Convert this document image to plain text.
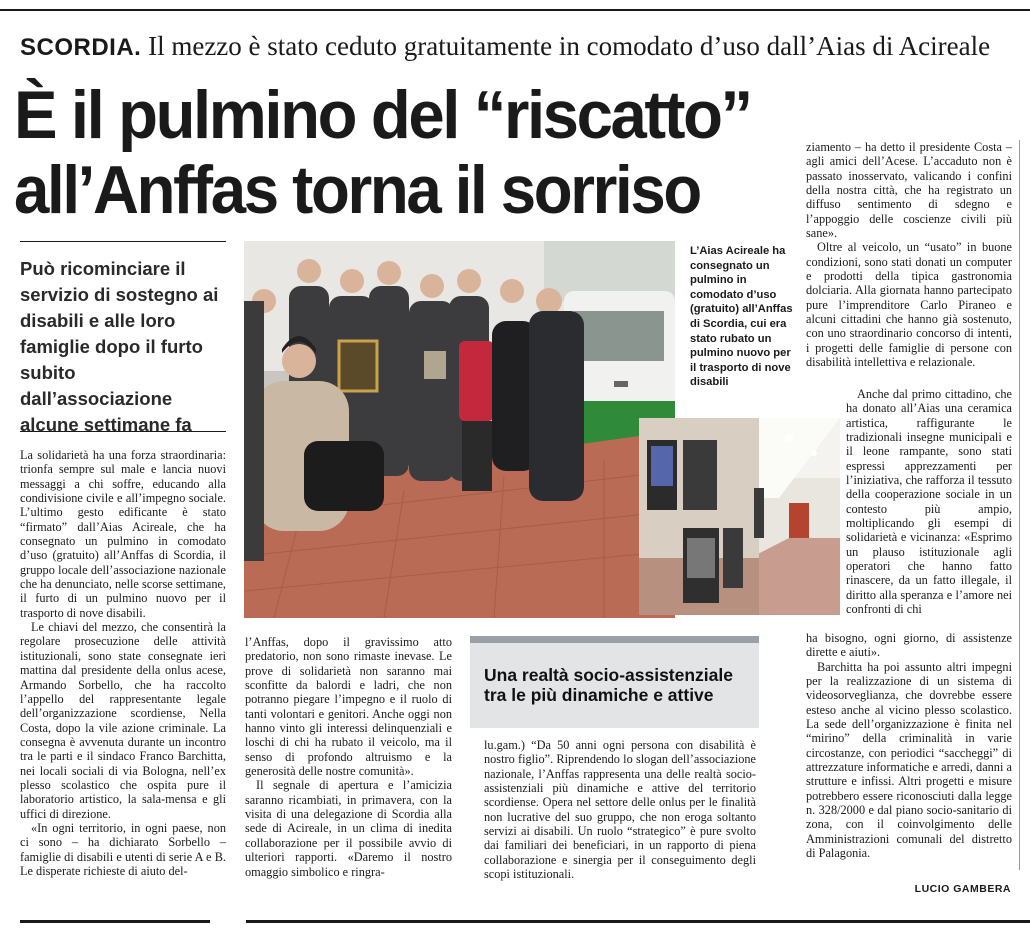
SCORDIA. Il mezzo è stato ceduto gratuitamente in comodato d’uso dall’Aias di Acireale
È il pulmino del “riscatto”
all’Anffas torna il sorriso
Può ricominciare il servizio di sostegno ai disabili e alle loro famiglie dopo il furto subito dall’associazione alcune settimane fa

La solidarietà ha una forza straordinaria: trionfa sempre sul male e lancia nuovi messaggi a chi soffre, educando alla condivisione civile e all’impegno sociale. L’ultimo gesto edificante è stato “firmato” dall’Aias Acireale, che ha consegnato un pulmino in comodato d’uso (gratuito) all’Anffas di Scordia, il gruppo locale dell’associazione nazionale che ha denunciato, nelle scorse settimane, il furto di un pulmino nuovo per il trasporto di nove disabili.

Le chiavi del mezzo, che consentirà la regolare prosecuzione delle attività istituzionali, sono state consegnate ieri mattina dal presidente della onlus acese, Armando Sorbello, che ha raccolto l’appello del rappresentante legale dell’organizzazione scordiense, Nella Costa, dopo la vile azione criminale. La consegna è avvenuta durante un incontro tra le parti e il sindaco Franco Barchitta, nei locali sociali di via Bologna, nell’ex plesso scolastico che ospita pure il laboratorio artistico, la sala-mensa e gli uffici di direzione.

«In ogni territorio, in ogni paese, non ci sono – ha dichiarato Sorbello – famiglie di disabili e utenti di serie A e B. Le disperate richieste di aiuto del-

L’Aias Acireale ha consegnato un pulmino in comodato d’uso (gratuito) all’Anffas di Scordia, cui era stato rubato un pulmino nuovo per il trasporto di nove disabili

l’Anffas, dopo il gravissimo atto predatorio, non sono rimaste inevase. Le prove di solidarietà non saranno mai sconfitte da balordi e ladri, che non potranno piegare l’impegno e il ruolo di tanti volontari e genitori. Anche oggi non hanno vinto gli interessi delinquenziali e loschi di chi ha rubato il veicolo, ma il senso di profondo altruismo e la generosità delle nostre comunità».

Il segnale di apertura e l’amicizia saranno ricambiati, in primavera, con la visita di una delegazione di Scordia alla sede di Acireale, in un clima di inedita collaborazione per il possibile avvio di ulteriori rapporti. «Daremo il nostro omaggio simbolico e ringra-

Una realtà socio-assistenziale tra le più dinamiche e attive

lu.gam.) “Da 50 anni ogni persona con disabilità è nostro figlio”. Riprendendo lo slogan dell’associazione nazionale, l’Anffas rappresenta una delle realtà socio-assistenziali più dinamiche e attive del territorio scordiense. Opera nel settore delle onlus per le finalità non lucrative del suo gruppo, che non eroga soltanto servizi ai disabili. Un ruolo “strategico” è pure svolto dai familiari dei beneficiari, in un rapporto di piena collaborazione e sinergia per il conseguimento degli scopi istituzionali.

ziamento – ha detto il presidente Costa – agli amici dell’Acese. L’accaduto non è passato inosservato, valicando i confini della nostra città, che ha registrato un diffuso sentimento di sdegno e l’appoggio delle coscienze civili più sane».

Oltre al veicolo, un “usato” in buone condizioni, sono stati donati un computer e prodotti della tipica gastronomia dolciaria. Alla giornata hanno partecipato pure l’imprenditore Carlo Piraneo e alcuni cittadini che hanno già sostenuto, con uno straordinario concorso di intenti, i progetti delle famiglie di persone con disabilità intellettiva e relazionale.

Anche dal primo cittadino, che ha donato all’Aias una ceramica artistica, raffigurante le tradizionali insegne municipali e il leone rampante, sono stati espressi apprezzamenti per l’iniziativa, che rafforza il tessuto della cooperazione sociale in un contesto più ampio, moltiplicando gli esempi di solidarietà e vicinanza: «Esprimo un plauso istituzionale agli operatori che hanno fatto rinascere, da un fatto illegale, il diritto alla speranza e l’amore nei confronti di chi

ha bisogno, ogni giorno, di assistenze dirette e aiuti».

Barchitta ha poi assunto altri impegni per la realizzazione di un sistema di videosorveglianza, che dovrebbe essere esteso anche al vicino plesso scolastico. La sede dell’organizzazione è finita nel “mirino” della criminalità in varie circostanze, con periodici “saccheggi” di attrezzature informatiche e arredi, danni a strutture e infissi. Altri progetti e misure potrebbero essere riconosciuti dalla legge n. 328/2000 e dal piano socio-sanitario di zona, con il coinvolgimento delle Amministrazioni comunali del distretto di Palagonia.

LUCIO GAMBERA
